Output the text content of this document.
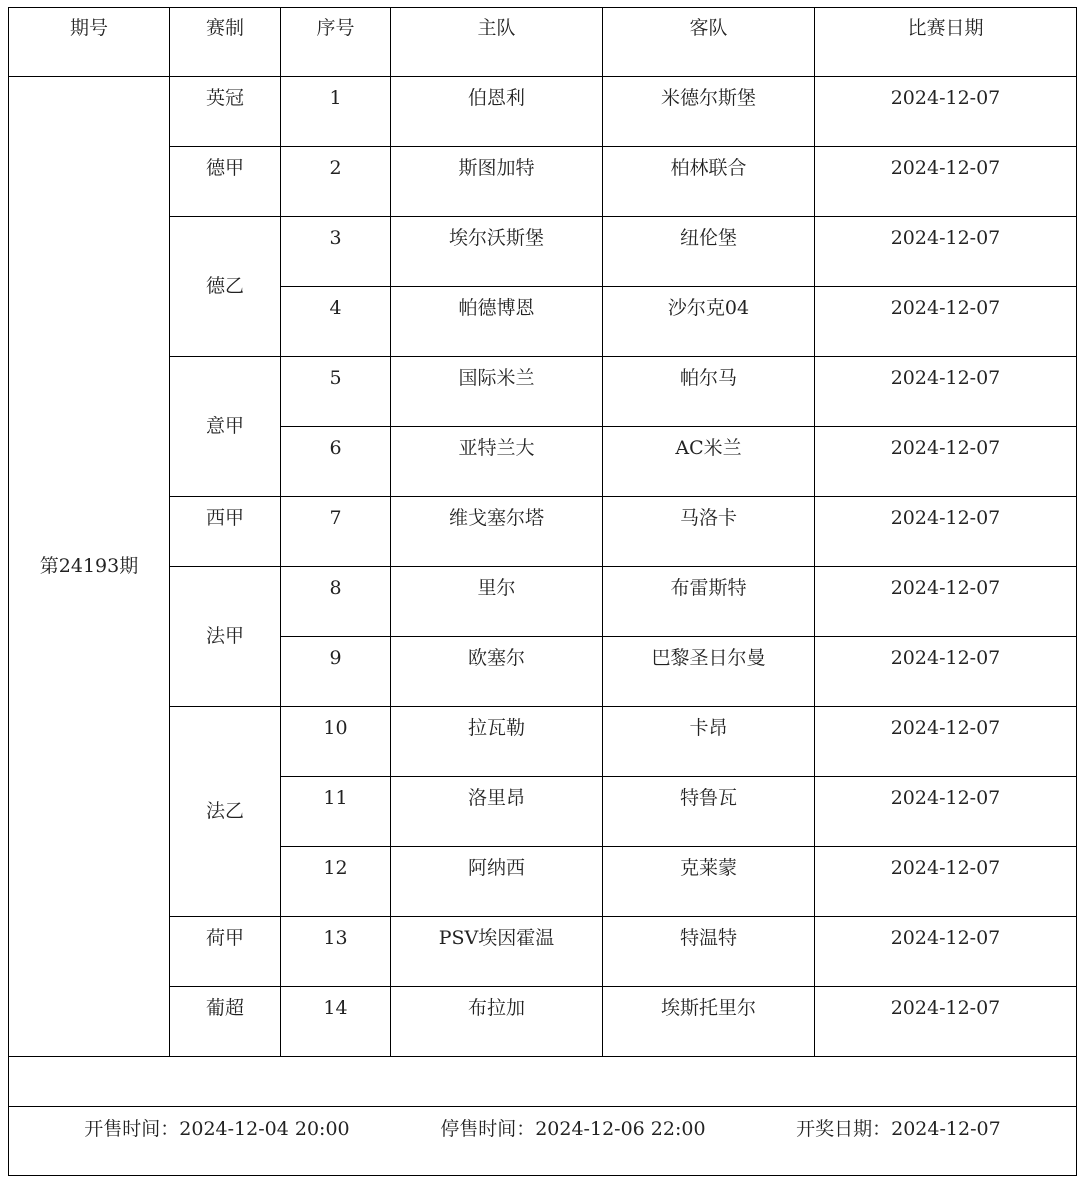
期号	赛制	序号	主队	客队	比赛日期
第24193期	英冠	1	伯恩利	米德尔斯堡	2024-12-07
	德甲	2	斯图加特	柏林联合	2024-12-07
	德乙	3	埃尔沃斯堡	纽伦堡	2024-12-07
		4	帕德博恩	沙尔克04	2024-12-07
	意甲	5	国际米兰	帕尔马	2024-12-07
		6	亚特兰大	AC米兰	2024-12-07
	西甲	7	维戈塞尔塔	马洛卡	2024-12-07
	法甲	8	里尔	布雷斯特	2024-12-07
		9	欧塞尔	巴黎圣日尔曼	2024-12-07
	法乙	10	拉瓦勒	卡昂	2024-12-07
		11	洛里昂	特鲁瓦	2024-12-07
		12	阿纳西	克莱蒙	2024-12-07
	荷甲	13	PSV埃因霍温	特温特	2024-12-07
	葡超	14	布拉加	埃斯托里尔	2024-12-07

开售时间：2024-12-04 20:00 停售时间：2024-12-06 22:00 开奖日期：2024-12-07					
